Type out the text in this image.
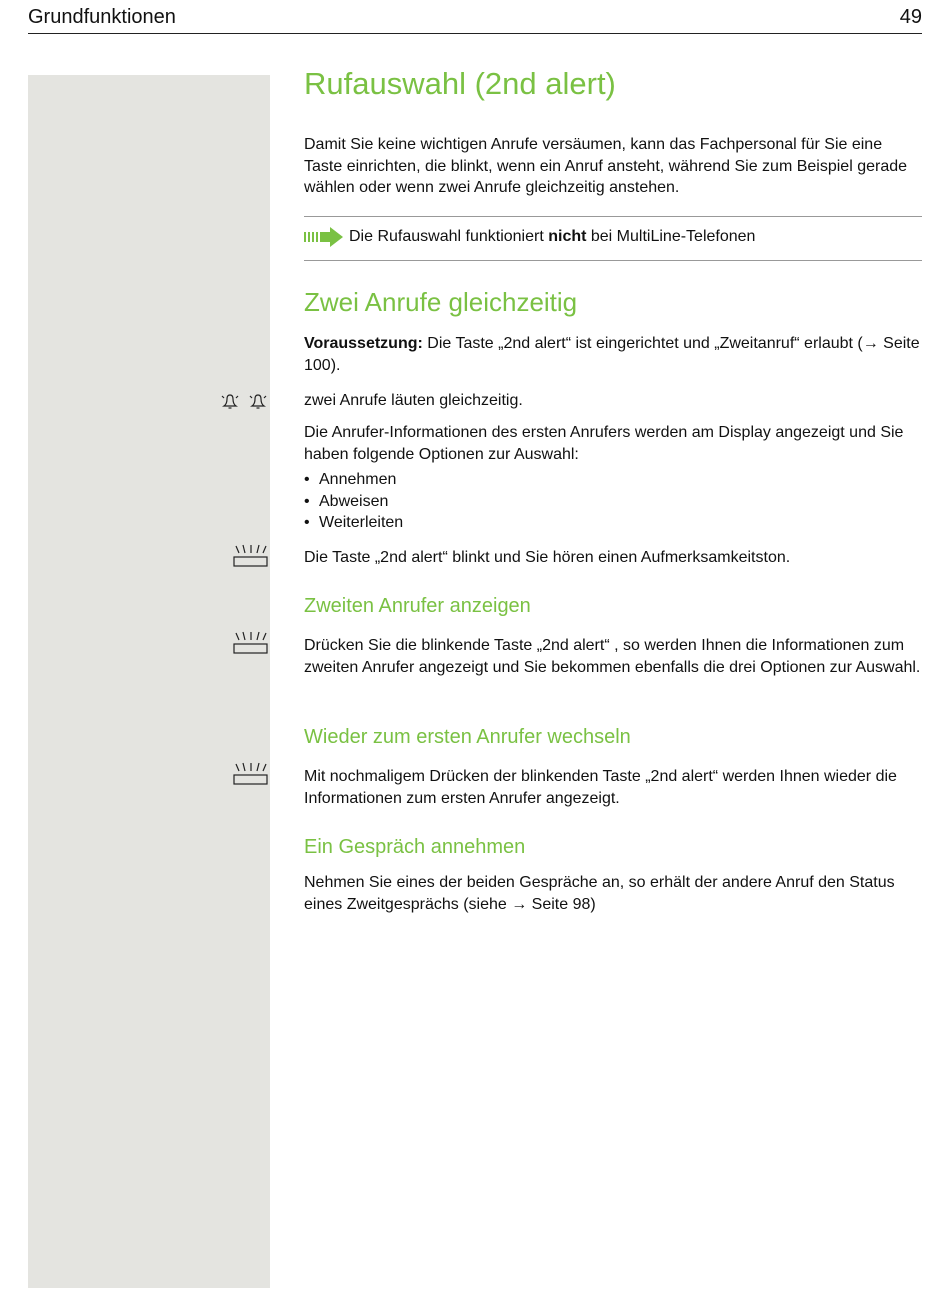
Grundfunktionen	49
Rufauswahl (2nd alert)

Damit Sie keine wichtigen Anrufe versäumen, kann das Fachpersonal für Sie eine Taste einrichten, die blinkt, wenn ein Anruf ansteht, während Sie zum Beispiel gerade wählen oder wenn zwei Anrufe gleichzeitig anstehen.

Die Rufauswahl funktioniert nicht bei MultiLine-Telefonen

Zwei Anrufe gleichzeitig

Voraussetzung: Die Taste „2nd alert“ ist eingerichtet und „Zweitanruf“ erlaubt (→ Seite 100).

zwei Anrufe läuten gleichzeitig.

Die Anrufer-Informationen des ersten Anrufers werden am Display angezeigt und Sie haben folgende Optionen zur Auswahl:

• Annehmen
• Abweisen
• Weiterleiten

Die Taste „2nd alert“ blinkt und Sie hören einen Aufmerksamkeitston.

Zweiten Anrufer anzeigen

Drücken Sie die blinkende Taste „2nd alert“ , so werden Ihnen die Informationen zum zweiten Anrufer angezeigt und Sie bekommen ebenfalls die drei Optionen zur Auswahl.

Wieder zum ersten Anrufer wechseln

Mit nochmaligem Drücken der blinkenden Taste „2nd alert“ werden Ihnen wieder die Informationen zum ersten Anrufer angezeigt.

Ein Gespräch annehmen

Nehmen Sie eines der beiden Gespräche an, so erhält der andere Anruf den Status eines Zweitgesprächs (siehe → Seite 98)
